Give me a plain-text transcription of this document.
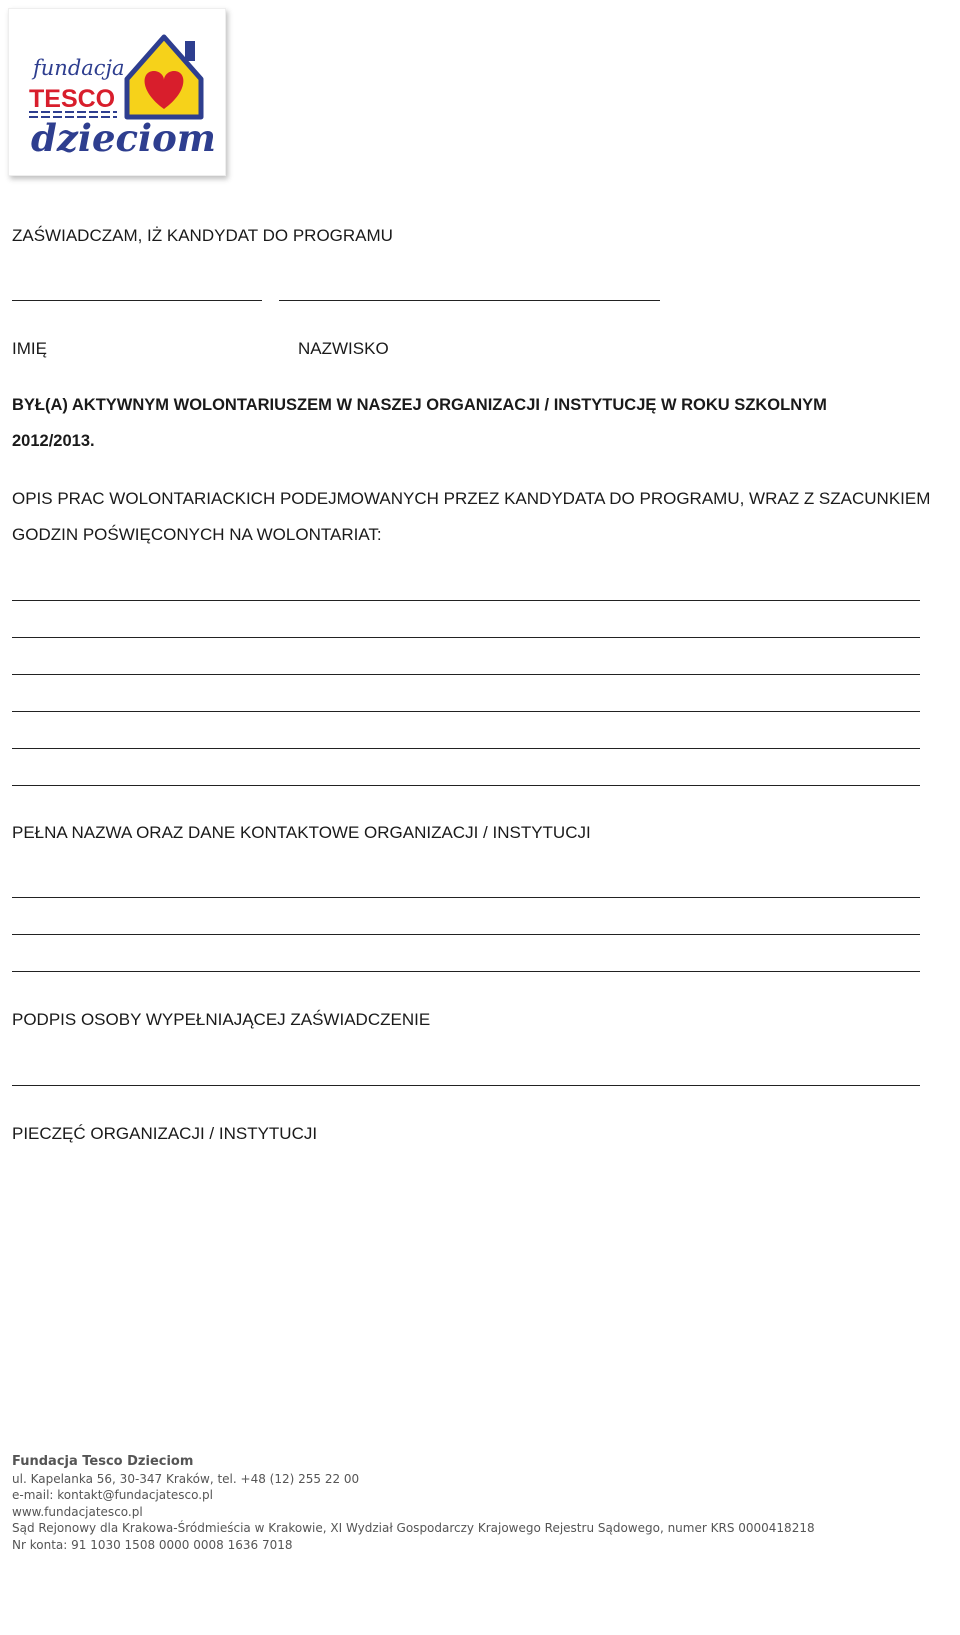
fundacja
TESCO
dzieciom
ZAŚWIADCZAM, IŻ KANDYDAT DO PROGRAMU
IMIĘ	NAZWISKO
BYŁ(A) AKTYWNYM WOLONTARIUSZEM W NASZEJ ORGANIZACJI / INSTYTUCJĘ W ROKU SZKOLNYM
2012/2013.
OPIS PRAC WOLONTARIACKICH PODEJMOWANYCH PRZEZ KANDYDATA DO PROGRAMU, WRAZ Z SZACUNKIEM
GODZIN POŚWIĘCONYCH NA WOLONTARIAT:
PEŁNA NAZWA ORAZ DANE KONTAKTOWE ORGANIZACJI / INSTYTUCJI
PODPIS OSOBY WYPEŁNIAJĄCEJ ZAŚWIADCZENIE
PIECZĘĆ ORGANIZACJI / INSTYTUCJI
Fundacja Tesco Dzieciom
ul. Kapelanka 56, 30-347 Kraków, tel. +48 (12) 255 22 00
e-mail: kontakt@fundacjatesco.pl
www.fundacjatesco.pl
Sąd Rejonowy dla Krakowa-Śródmieścia w Krakowie, XI Wydział Gospodarczy Krajowego Rejestru Sądowego, numer KRS 0000418218
Nr konta: 91 1030 1508 0000 0008 1636 7018
